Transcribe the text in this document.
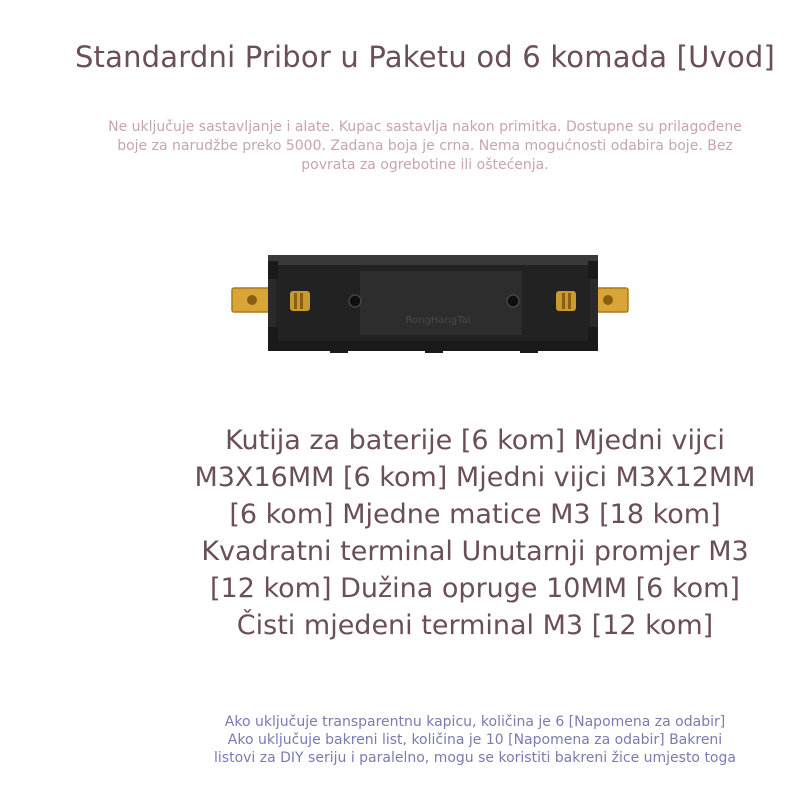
Standardni Pribor u Paketu od 6 komada [Uvod]
Ne uključuje sastavljanje i alate. Kupac sastavlja nakon primitka. Dostupne su prilagođene boje za narudžbe preko 5000. Zadana boja je crna. Nema mogućnosti odabira boje. Bez povrata za ogrebotine ili oštećenja.
RongHangTai
Kutija za baterije [6 kom] Mjedni vijci
M3X16MM [6 kom] Mjedni vijci M3X12MM
[6 kom] Mjedne matice M3 [18 kom]
Kvadratni terminal Unutarnji promjer M3
[12 kom] Dužina opruge 10MM [6 kom]
Čisti mjedeni terminal M3 [12 kom]
Ako uključuje transparentnu kapicu, količina je 6 [Napomena za odabir]
Ako uključuje bakreni list, količina je 10 [Napomena za odabir] Bakreni
listovi za DIY seriju i paralelno, mogu se koristiti bakreni žice umjesto toga
